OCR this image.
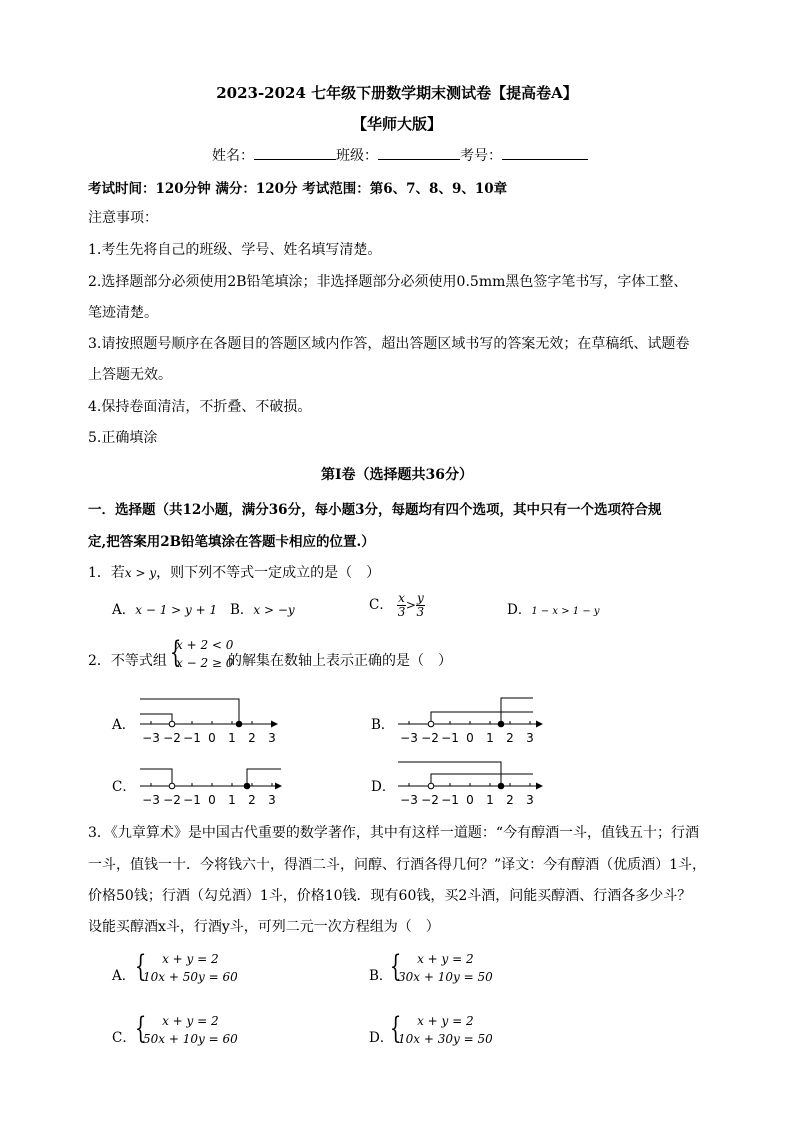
2023-2024 七年级下册数学期末测试卷【提高卷A】
【华师大版】
姓名：	班级：	考号：
考试时间：120分钟 满分：120分 考试范围：第6、7、8、9、10章
注意事项：
1.考生先将自己的班级、学号、姓名填写清楚。
2.选择题部分必须使用2B铅笔填涂；非选择题部分必须使用0.5mm黑色签字笔书写，字体工整、
笔迹清楚。
3.请按照题号顺序在各题目的答题区域内作答，超出答题区域书写的答案无效；在草稿纸、试题卷
上答题无效。
4.保持卷面清洁，不折叠、不破损。
5.正确填涂
第Ⅰ卷（选择题共36分）
一．选择题（共12小题，满分36分，每小题3分，每题均有四个选项，其中只有一个选项符合规
定,把答案用2B铅笔填涂在答题卡相应的位置.）
1．若x > y，则下列不等式一定成立的是（　）
A．x − 1 > y + 1 B．x > −y	C． $\frac{x}{3} > \frac{y}{3}$	D．1 − x > 1 − y
2．不等式组 {
x + 2 < 0
x − 2 ≥ 0
的解集在数轴上表示正确的是（　）
A．	B．
C．	D．
−3 −2 −1 0 1 2 3	−3 −2 −1 0 1 2 3
−3 −2 −1 0 1 2 3	−3 −2 −1 0 1 2 3
3．《九章算术》是中国古代重要的数学著作，其中有这样一道题：“今有醇酒一斗，值钱五十；行酒
一斗，值钱一十．今将钱六十，得酒二斗，问醇、行酒各得几何？”译文：今有醇酒（优质酒）1斗，
价格50钱；行酒（勾兑酒）1斗，价格10钱．现有60钱，买2斗酒，问能买醇酒、行酒各多少斗？
设能买醇酒x斗，行酒y斗，可列二元一次方程组为（　）
A． {	x + y = 2
10x + 50y = 60	B．
{	x + y = 2
30x + 10y = 50
C．
{	x + y = 2
50x + 10y = 60	D．
{	x + y = 2
10x + 30y = 50
